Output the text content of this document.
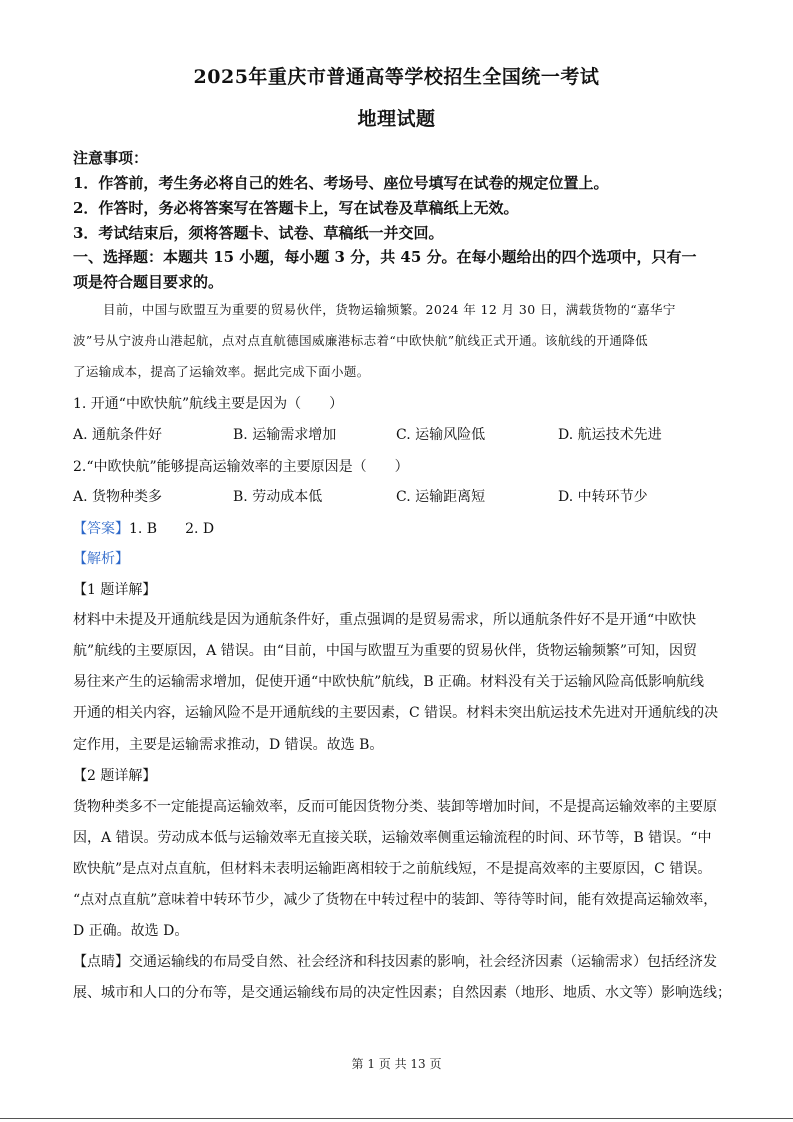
2025年重庆市普通高等学校招生全国统一考试
地理试题
注意事项：
1．作答前，考生务必将自己的姓名、考场号、座位号填写在试卷的规定位置上。
2．作答时，务必将答案写在答题卡上，写在试卷及草稿纸上无效。
3．考试结束后，须将答题卡、试卷、草稿纸一并交回。
一、选择题：本题共 15 小题，每小题 3 分，共 45 分。在每小题给出的四个选项中，只有一
项是符合题目要求的。
目前，中国与欧盟互为重要的贸易伙伴，货物运输频繁。2024 年 12 月 30 日，满载货物的“嘉华宁
波”号从宁波舟山港起航，点对点直航德国威廉港标志着“中欧快航”航线正式开通。该航线的开通降低
了运输成本，提高了运输效率。据此完成下面小题。
1. 开通“中欧快航”航线主要是因为（　　）
A. 通航条件好	B. 运输需求增加	C. 运输风险低	D. 航运技术先进
2.“中欧快航”能够提高运输效率的主要原因是（　　）
A. 货物种类多	B. 劳动成本低	C. 运输距离短	D. 中转环节少
【答案】1. B　　2. D
【解析】
【1 题详解】
材料中未提及开通航线是因为通航条件好，重点强调的是贸易需求，所以通航条件好不是开通“中欧快
航”航线的主要原因，A 错误。由“目前，中国与欧盟互为重要的贸易伙伴，货物运输频繁”可知，因贸
易往来产生的运输需求增加，促使开通“中欧快航”航线，B 正确。材料没有关于运输风险高低影响航线
开通的相关内容，运输风险不是开通航线的主要因素，C 错误。材料未突出航运技术先进对开通航线的决
定作用，主要是运输需求推动，D 错误。故选 B。
【2 题详解】
货物种类多不一定能提高运输效率，反而可能因货物分类、装卸等增加时间，不是提高运输效率的主要原
因，A 错误。劳动成本低与运输效率无直接关联，运输效率侧重运输流程的时间、环节等，B 错误。“中
欧快航”是点对点直航，但材料未表明运输距离相较于之前航线短，不是提高效率的主要原因，C 错误。
“点对点直航”意味着中转环节少，减少了货物在中转过程中的装卸、等待等时间，能有效提高运输效率，
D 正确。故选 D。
【点睛】交通运输线的布局受自然、社会经济和科技因素的影响，社会经济因素（运输需求）包括经济发
展、城市和人口的分布等，是交通运输线布局的决定性因素；自然因素（地形、地质、水文等）影响选线；
第 1 页 共 13 页
